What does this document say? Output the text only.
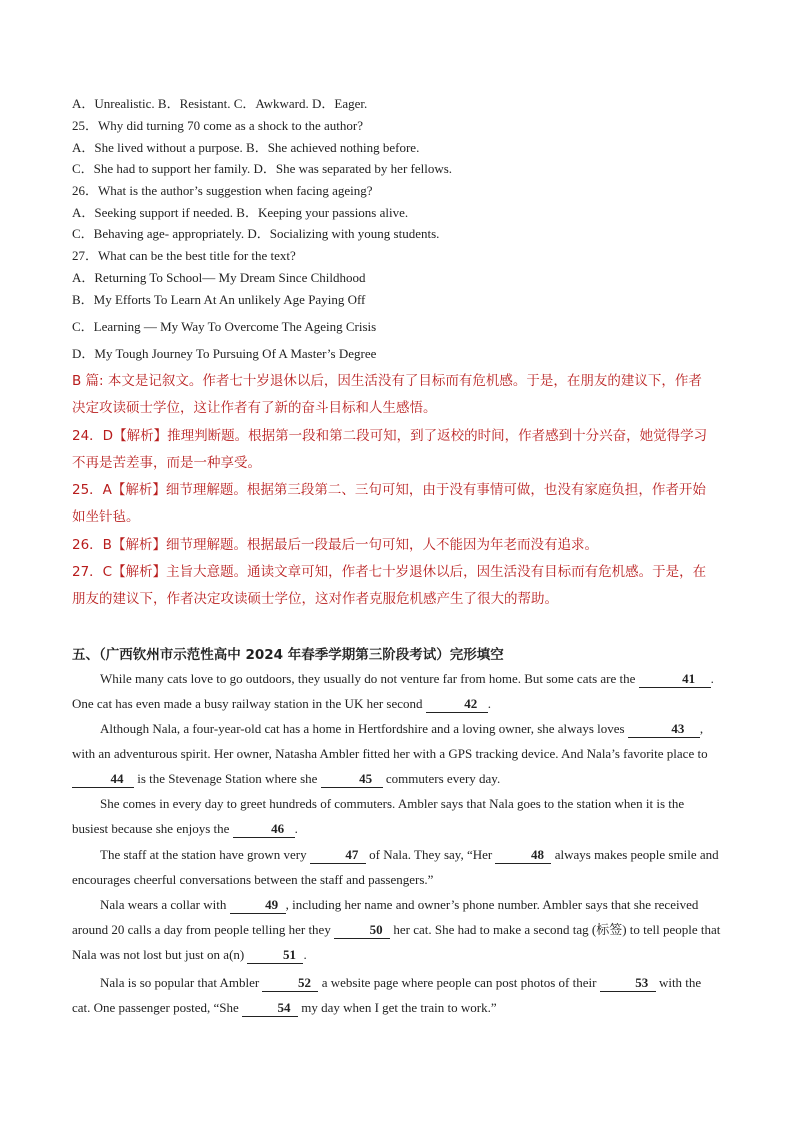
A．Unrealistic. B．Resistant. C．Awkward. D．Eager.
25．Why did turning 70 come as a shock to the author?
A．She lived without a purpose. B．She achieved nothing before.
C．She had to support her family. D．She was separated by her fellows.
26．What is the author’s suggestion when facing ageing?
A．Seeking support if needed. B．Keeping your passions alive.
C．Behaving age- appropriately. D．Socializing with young students.
27．What can be the best title for the text?
A．Returning To School— My Dream Since Childhood
B．My Efforts To Learn At An unlikely Age Paying Off
C．Learning — My Way To Overcome The Ageing Crisis
D．My Tough Journey To Pursuing Of A Master’s Degree
B 篇: 本文是记叙文。作者七十岁退休以后，因生活没有了目标而有危机感。于是，在朋友的建议下，作者
决定攻读硕士学位，这让作者有了新的奋斗目标和人生感悟。
24．D【解析】推理判断题。根据第一段和第二段可知，到了返校的时间，作者感到十分兴奋，她觉得学习
不再是苦差事，而是一种享受。
25．A【解析】细节理解题。根据第三段第二、三句可知，由于没有事情可做，也没有家庭负担，作者开始
如坐针毡。
26．B【解析】细节理解题。根据最后一段最后一句可知，人不能因为年老而没有追求。
27．C【解析】主旨大意题。通读文章可知，作者七十岁退休以后，因生活没有目标而有危机感。于是，在
朋友的建议下，作者决定攻读硕士学位，这对作者克服危机感产生了很大的帮助。
五、（广西钦州市示范性高中 2024 年春季学期第三阶段考试）完形填空
While many cats love to go outdoors, they usually do not venture far from home. But some cats are the	41 . One cat has even made a busy railway station in the UK her second	42 .
Although Nala, a four-year-old cat has a home in Hertfordshire and a loving owner, she always loves	43 , with an adventurous spirit. Her owner, Natasha Ambler fitted her with a GPS tracking device. And Nala’s favorite place to 44 is the Stevenage Station where she	45 commuters every day.
She comes in every day to greet hundreds of commuters. Ambler says that Nala goes to the station when it is the busiest because she enjoys the	46 .
The staff at the station have grown very	47 of Nala. They say, “Her	48 always makes people smile and encourages cheerful conversations between the staff and passengers.”
Nala wears a collar with	49 , including her name and owner’s phone number. Ambler says that she received around 20 calls a day from people telling her they	50 her cat. She had to make a second tag (标签) to tell people that Nala was not lost but just on a(n)	51 .
Nala is so popular that Ambler	52 a website page where people can post photos of their	53 with the cat. One passenger posted, “She	54 my day when I get the train to work.”
